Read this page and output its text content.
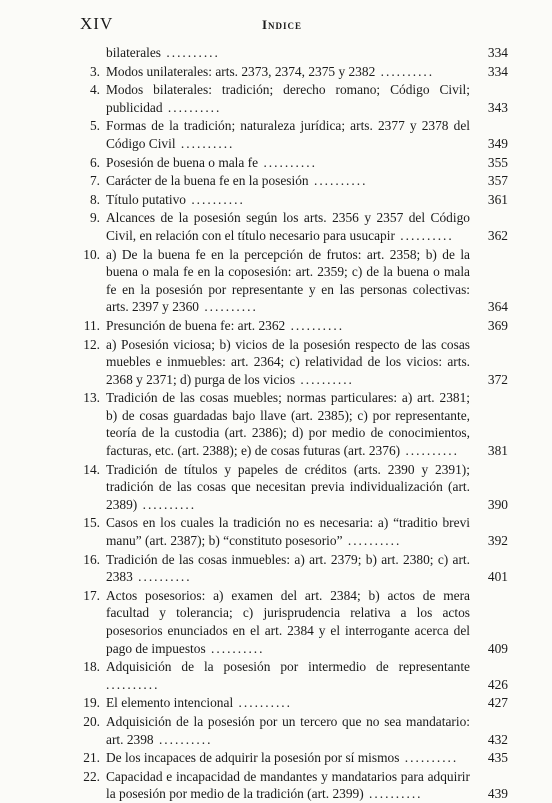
XIV	Indice

bilaterales ..........	334

3. Modos unilaterales: arts. 2373, 2374, 2375 y 2382 ..........	334

4. Modos bilaterales: tradición; derecho romano; Código Civil; publicidad ..........	343

5. Formas de la tradición; naturaleza jurídica; arts. 2377 y 2378 del Código Civil ..........	349

6. Posesión de buena o mala fe ..........	355

7. Carácter de la buena fe en la posesión ..........	357

8. Título putativo ..........	361

9. Alcances de la posesión según los arts. 2356 y 2357 del Código Civil, en relación con el título necesario para usucapir ..........	362

10. a) De la buena fe en la percepción de frutos: art. 2358; b) de la buena o mala fe en la coposesión: art. 2359; c) de la buena o mala fe en la posesión por representante y en las personas colectivas: arts. 2397 y 2360 ..........	364

11. Presunción de buena fe: art. 2362 ..........	369

12. a) Posesión viciosa; b) vicios de la posesión respecto de las cosas muebles e inmuebles: art. 2364; c) relatividad de los vicios: arts. 2368 y 2371; d) purga de los vicios ..........	372

13. Tradición de las cosas muebles; normas particulares: a) art. 2381; b) de cosas guardadas bajo llave (art. 2385); c) por representante, teoría de la custodia (art. 2386); d) por medio de conocimientos, facturas, etc. (art. 2388); e) de cosas futuras (art. 2376) ..........	381

14. Tradición de títulos y papeles de créditos (arts. 2390 y 2391); tradición de las cosas que necesitan previa individualización (art. 2389) ..........	390

15. Casos en los cuales la tradición no es necesaria: a) “traditio brevi manu” (art. 2387); b) “constituto posesorio” ..........	392

16. Tradición de las cosas inmuebles: a) art. 2379; b) art. 2380; c) art. 2383 ..........	401

17. Actos posesorios: a) examen del art. 2384; b) actos de mera facultad y tolerancia; c) jurisprudencia relativa a los actos posesorios enunciados en el art. 2384 y el interrogante acerca del pago de impuestos ..........	409

18. Adquisición de la posesión por intermedio de representante ..........	426

19. El elemento intencional ..........	427

20. Adquisición de la posesión por un tercero que no sea mandatario: art. 2398 ..........	432

21. De los incapaces de adquirir la posesión por sí mismos ..........	435

22. Capacidad e incapacidad de mandantes y mandatarios para adquirir la posesión por medio de la tradición (art. 2399) ..........	439
